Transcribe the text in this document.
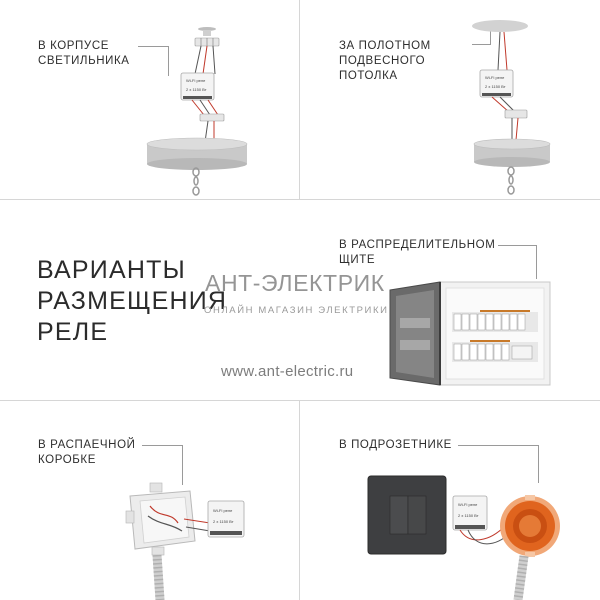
В КОРПУСЕ
СВЕТИЛЬНИКА
Wi-Fi реле
2 x 1150 Вт
ЗА ПОЛОТНОМ
ПОДВЕСНОГО
ПОТОЛКА	Wi-Fi реле
2 x 1150 Вт
ВАРИАНТЫ
РАЗМЕЩЕНИЯ
РЕЛЕ
В РАСПРЕДЕЛИТЕЛЬНОМ
ЩИТЕ
АНТ-ЭЛЕКТРИК
ОНЛАЙН МАГАЗИН ЭЛЕКТРИКИ
www.ant-electric.ru
В РАСПАЕЧНОЙ
КОРОБКЕ
Wi-Fi реле
2 x 1150 Вт
В ПОДРОЗЕТНИКЕ
Wi-Fi реле
2 x 1150 Вт
